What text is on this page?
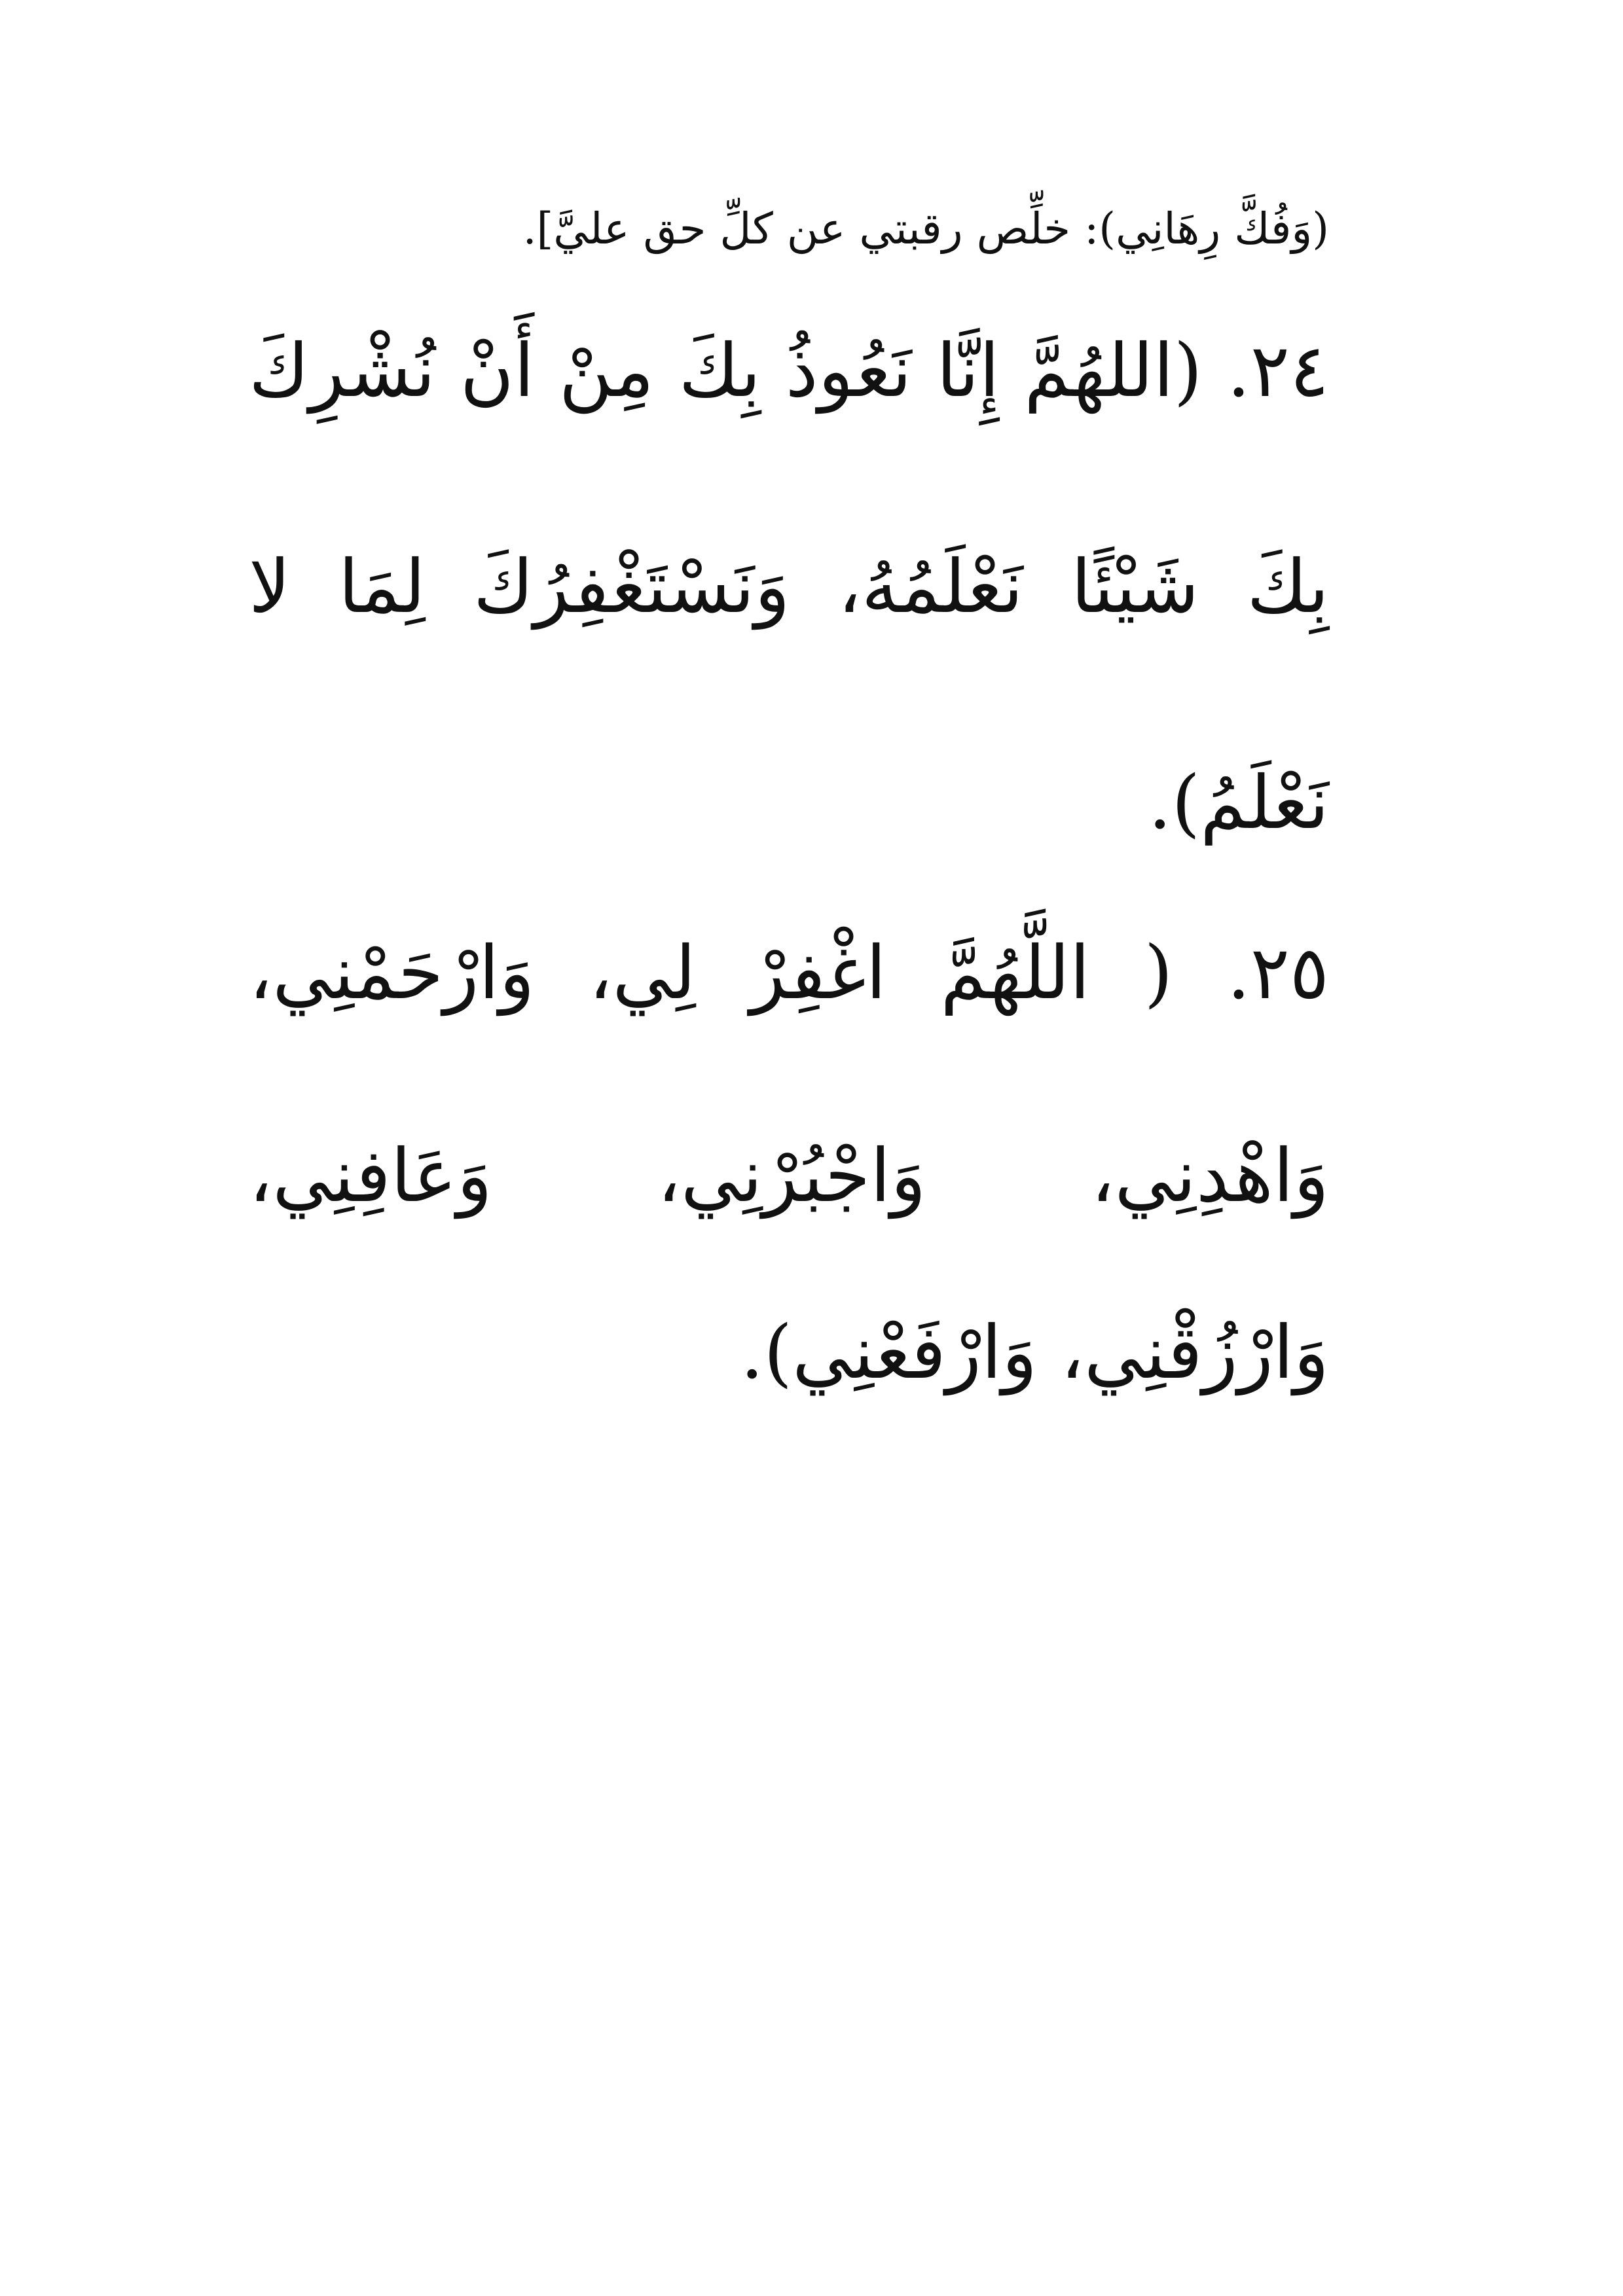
(وَفُكَّ رِهَانِي): خلِّص رقبتي عن كلِّ حق عليَّ].
٢٤. (اللهُمَّ إِنَّا نَعُوذُ بِكَ مِنْ أَنْ نُشْرِكَ
بِكَ شَيْئًا نَعْلَمُهُ، وَنَسْتَغْفِرُكَ لِمَا لا
نَعْلَمُ).
٢٥. ( اللَّهُمَّ اغْفِرْ لِي، وَارْحَمْنِي،
وَاهْدِنِي، وَاجْبُرْنِي، وَعَافِنِي،
وَارْزُقْنِي، وَارْفَعْنِي).
